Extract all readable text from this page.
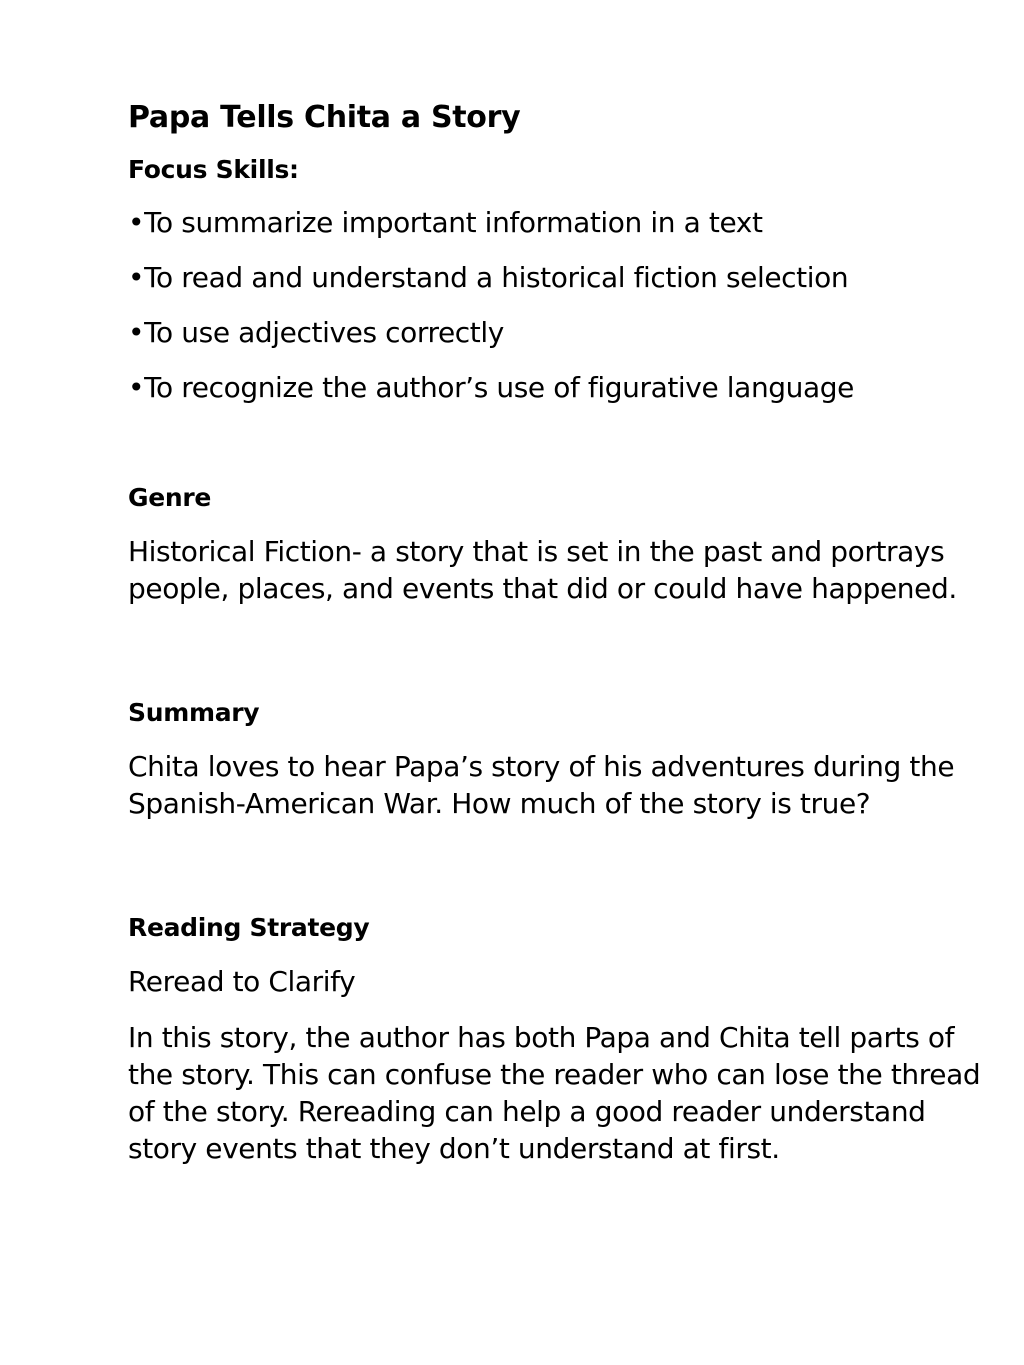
Papa Tells Chita a Story
Focus Skills:
•To summarize important information in a text
•To read and understand a historical fiction selection
•To use adjectives correctly
•To recognize the author’s use of figurative language
Genre
Historical Fiction- a story that is set in the past and portrays people, places, and events that did or could have happened.
Summary
Chita loves to hear Papa’s story of his adventures during the Spanish-American War. How much of the story is true?
Reading Strategy
Reread to Clarify
In this story, the author has both Papa and Chita tell parts of the story. This can confuse the reader who can lose the thread of the story. Rereading can help a good reader understand story events that they don’t understand at first.
